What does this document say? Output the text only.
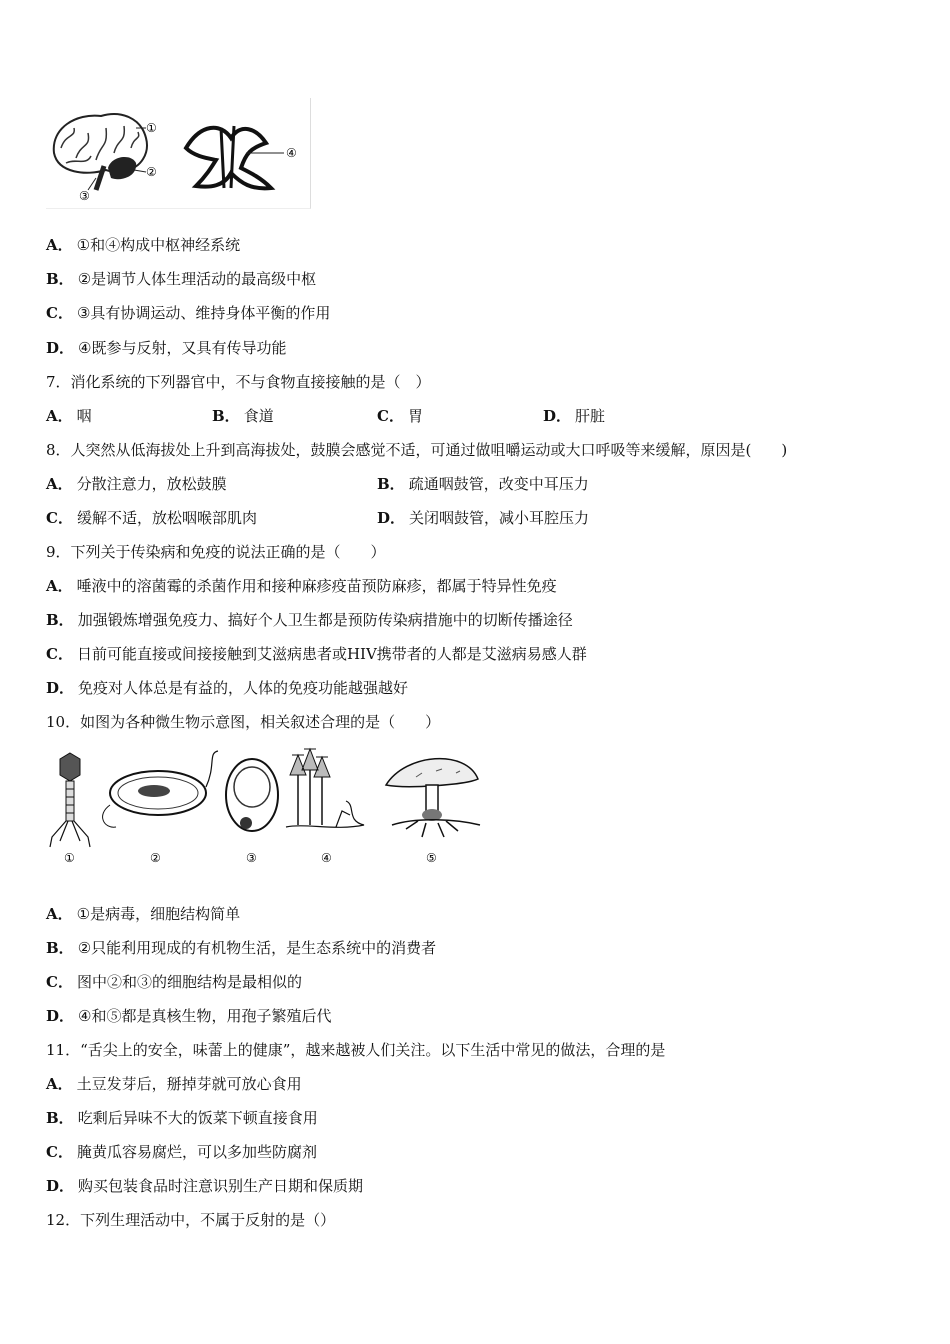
①
②
③
④
A． ①和④构成中枢神经系统
B． ②是调节人体生理活动的最高级中枢
C． ③具有协调运动、维持身体平衡的作用
D． ④既参与反射，又具有传导功能
7．消化系统的下列器官中，不与食物直接接触的是（　）
A． 咽	B． 食道	C． 胃	D． 肝脏
8．人突然从低海拔处上升到高海拔处，鼓膜会感觉不适，可通过做咀嚼运动或大口呼吸等来缓解，原因是(　　)
A． 分散注意力，放松鼓膜	B． 疏通咽鼓管，改变中耳压力
C． 缓解不适，放松咽喉部肌肉	D． 关闭咽鼓管，减小耳腔压力
9．下列关于传染病和免疫的说法正确的是（　　）
A． 唾液中的溶菌霉的杀菌作用和接种麻疹疫苗预防麻疹，都属于特异性免疫
B． 加强锻炼增强免疫力、搞好个人卫生都是预防传染病措施中的切断传播途径
C． 日前可能直接或间接接触到艾滋病患者或HIV携带者的人都是艾滋病易感人群
D． 免疫对人体总是有益的，人体的免疫功能越强越好
10．如图为各种微生物示意图，相关叙述合理的是（　　）
①	②	③	④	⑤
A． ①是病毒，细胞结构简单
B． ②只能利用现成的有机物生活，是生态系统中的消费者
C． 图中②和③的细胞结构是最相似的
D． ④和⑤都是真核生物，用孢子繁殖后代
11．“舌尖上的安全，味蕾上的健康”，越来越被人们关注。以下生活中常见的做法，合理的是
A． 土豆发芽后，掰掉芽就可放心食用
B． 吃剩后异味不大的饭菜下顿直接食用
C． 腌黄瓜容易腐烂，可以多加些防腐剂
D． 购买包装食品时注意识别生产日期和保质期
12．下列生理活动中，不属于反射的是（）
